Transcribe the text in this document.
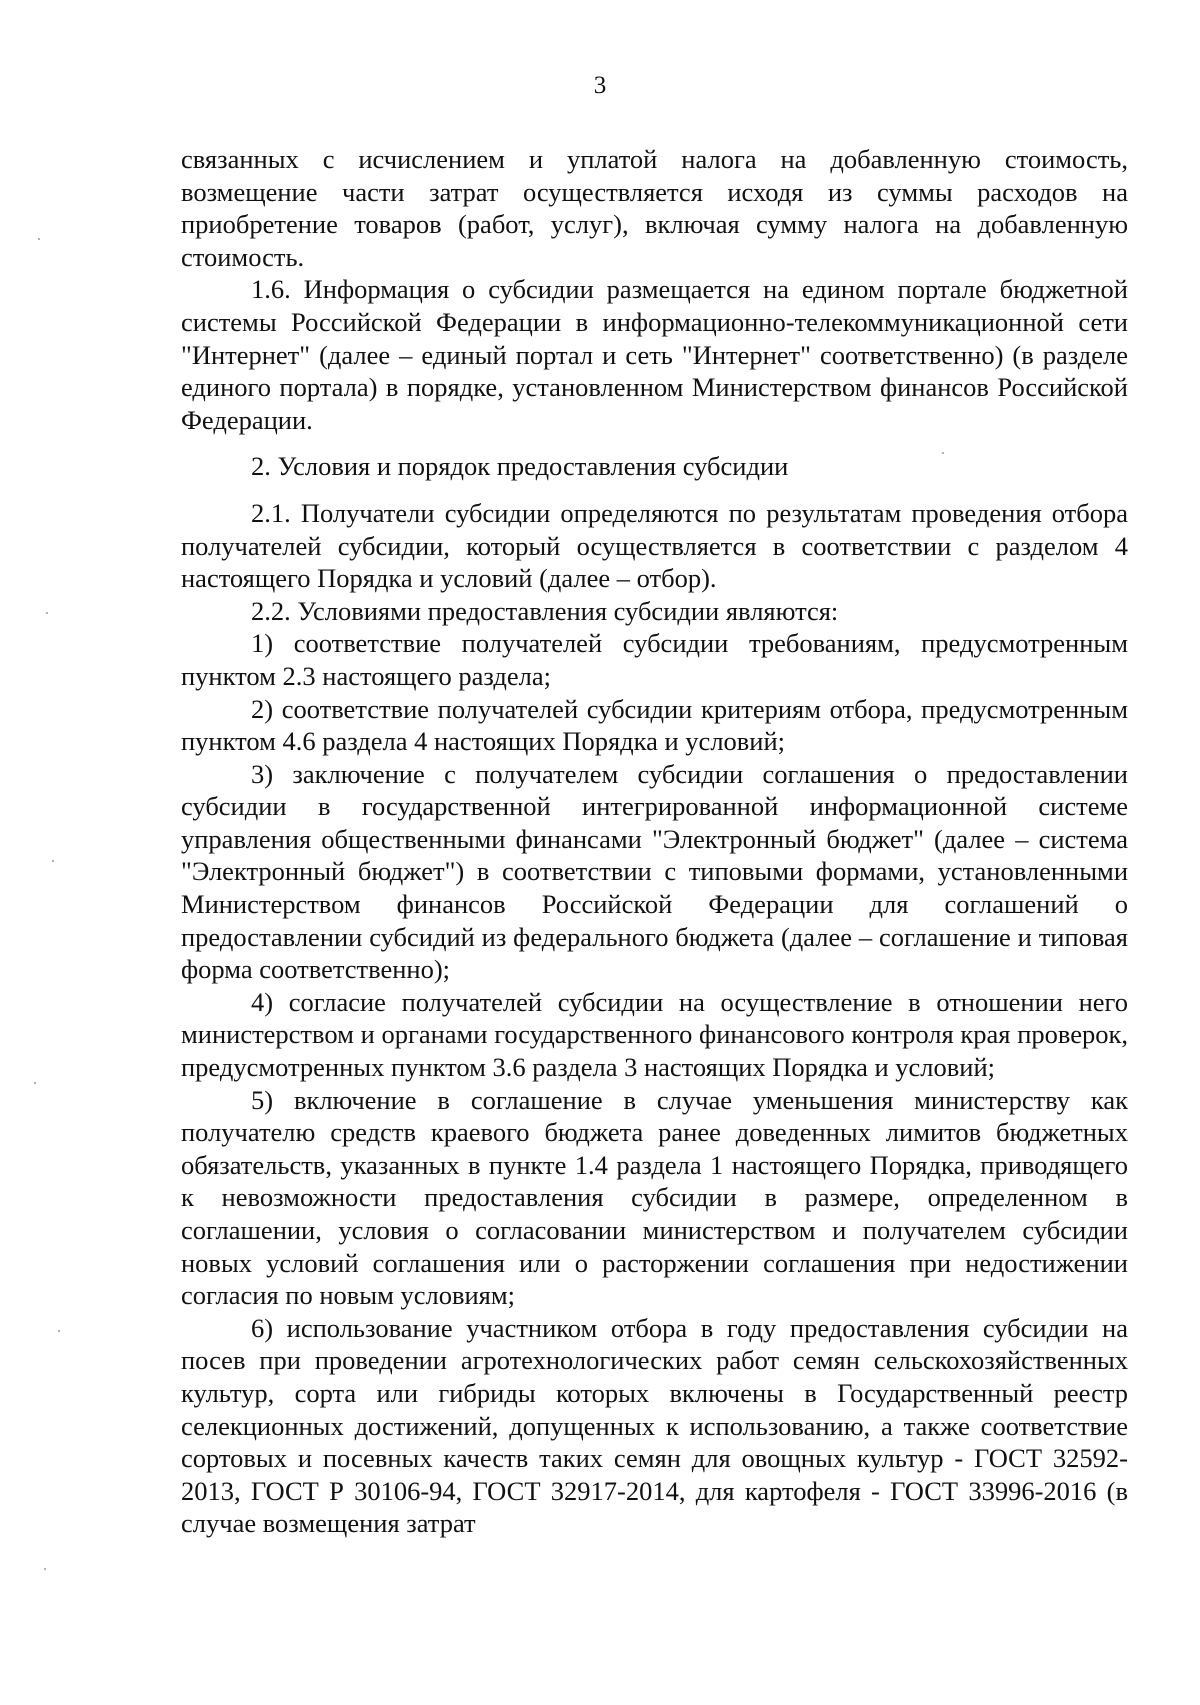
3

связанных с исчислением и уплатой налога на добавленную стоимость, возмещение части затрат осуществляется исходя из суммы расходов на приобретение товаров (работ, услуг), включая сумму налога на добавленную стоимость.

1.6. Информация о субсидии размещается на едином портале бюджетной системы Российской Федерации в информационно-телекоммуникационной сети "Интернет" (далее – единый портал и сеть "Интернет" соответственно) (в разделе единого портала) в порядке, установленном Министерством финансов Российской Федерации.

2. Условия и порядок предоставления субсидии

2.1. Получатели субсидии определяются по результатам проведения отбора получателей субсидии, который осуществляется в соответствии с разделом 4 настоящего Порядка и условий (далее – отбор).

2.2. Условиями предоставления субсидии являются:

1) соответствие получателей субсидии требованиям, предусмотренным пунктом 2.3 настоящего раздела;

2) соответствие получателей субсидии критериям отбора, предусмотренным пунктом 4.6 раздела 4 настоящих Порядка и условий;

3) заключение с получателем субсидии соглашения о предоставлении субсидии в государственной интегрированной информационной системе управления общественными финансами "Электронный бюджет" (далее – система "Электронный бюджет") в соответствии с типовыми формами, установленными Министерством финансов Российской Федерации для соглашений о предоставлении субсидий из федерального бюджета (далее – соглашение и типовая форма соответственно);

4) согласие получателей субсидии на осуществление в отношении него министерством и органами государственного финансового контроля края проверок, предусмотренных пунктом 3.6 раздела 3 настоящих Порядка и условий;

5) включение в соглашение в случае уменьшения министерству как получателю средств краевого бюджета ранее доведенных лимитов бюджетных обязательств, указанных в пункте 1.4 раздела 1 настоящего Порядка, приводящего к невозможности предоставления субсидии в размере, определенном в соглашении, условия о согласовании министерством и получателем субсидии новых условий соглашения или о расторжении соглашения при недостижении согласия по новым условиям;

6) использование участником отбора в году предоставления субсидии на посев при проведении агротехнологических работ семян сельскохозяйственных культур, сорта или гибриды которых включены в Государственный реестр селекционных достижений, допущенных к использованию, а также соответствие сортовых и посевных качеств таких семян для овощных культур - ГОСТ 32592-2013, ГОСТ Р 30106-94, ГОСТ 32917-2014, для картофеля - ГОСТ 33996-2016 (в случае возмещения затрат
